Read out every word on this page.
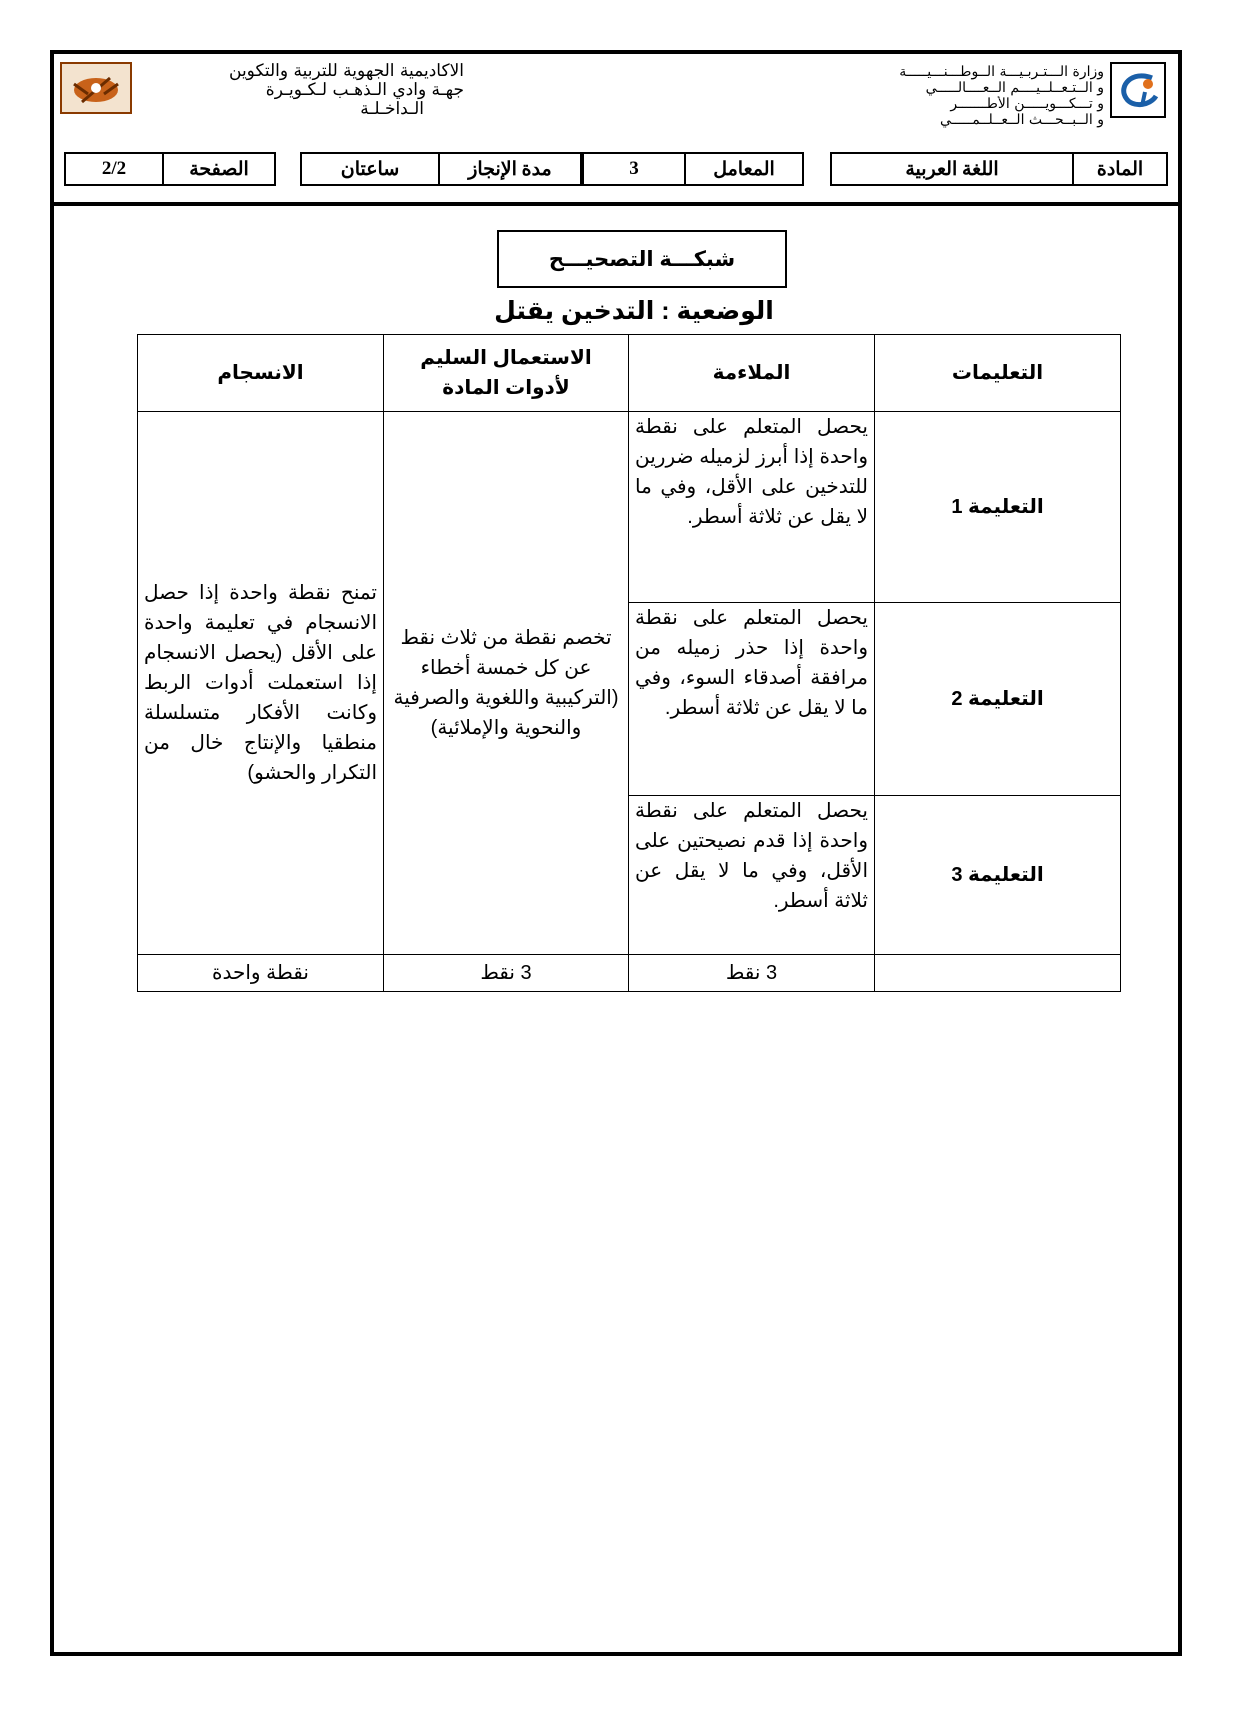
وزارة الـــتـربـيـــة الــوطـــنـــيـــــة
و الــتـعــلــيــــم الــعــــالـــــي
و تـــكـــويـــــن الأطـــــــر
و الــبــحـــث الــعــلــمـــــي
الاكاديمية الجهوية للتربية والتكوين
جهـة وادي الـذهـب لـكـويـرة
الـداخـلـة
المادة
اللغة العربية
المعامل
3
مدة الإنجاز
ساعتان
الصفحة
2/2
شبكـــة التصحيـــح
الوضعية : التدخين يقتل
التعليمات	الملاءمة	الاستعمال السليم لأدوات المادة	الانسجام
التعليمة 1	يحصل المتعلم على نقطة واحدة إذا أبرز لزميله ضررين للتدخين على الأقل، وفي ما لا يقل عن ثلاثة أسطر.	تخصم نقطة من ثلاث نقط عن كل خمسة أخطاء (التركيبية واللغوية والصرفية والنحوية والإملائية)	تمنح نقطة واحدة إذا حصل الانسجام في تعليمة واحدة على الأقل (يحصل الانسجام إذا استعملت أدوات الربط وكانت الأفكار متسلسلة منطقيا والإنتاج خال من التكرار والحشو)
التعليمة 2	يحصل المتعلم على نقطة واحدة إذا حذر زميله من مرافقة أصدقاء السوء، وفي ما لا يقل عن ثلاثة أسطر.		
التعليمة 3	يحصل المتعلم على نقطة واحدة إذا قدم نصيحتين على الأقل، وفي ما لا يقل عن ثلاثة أسطر.		
	3 نقط	3 نقط	نقطة واحدة
